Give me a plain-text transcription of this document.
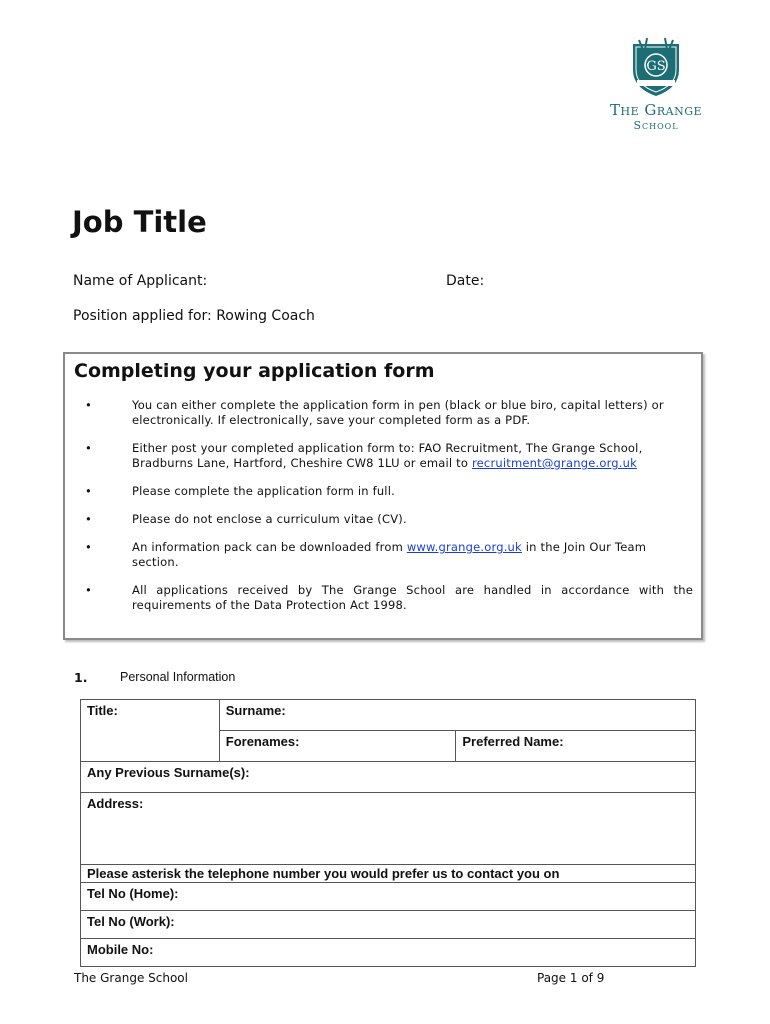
GS
The Grange
School
Job Title
Name of Applicant:	Date:
Position applied for: Rowing Coach
Completing your application form
•	You can either complete the application form in pen (black or blue biro, capital letters) or electronically. If electronically, save your completed form as a PDF.
•	Either post your completed application form to: FAO Recruitment, The Grange School, Bradburns Lane, Hartford, Cheshire CW8 1LU or email to recruitment@grange.org.uk
•	Please complete the application form in full.
•	Please do not enclose a curriculum vitae (CV).
•	An information pack can be downloaded from www.grange.org.uk in the Join Our Team section.
•	All applications received by The Grange School are handled in accordance with the requirements of the Data Protection Act 1998.
1.	Personal Information
Title:	Surname:	
	Forenames:	Preferred Name:
Any Previous Surname(s):		
Address:		
Please asterisk the telephone number you would prefer us to contact you on		
Tel No (Home):		
Tel No (Work):		
Mobile No:		
The Grange School	Page 1 of 9
